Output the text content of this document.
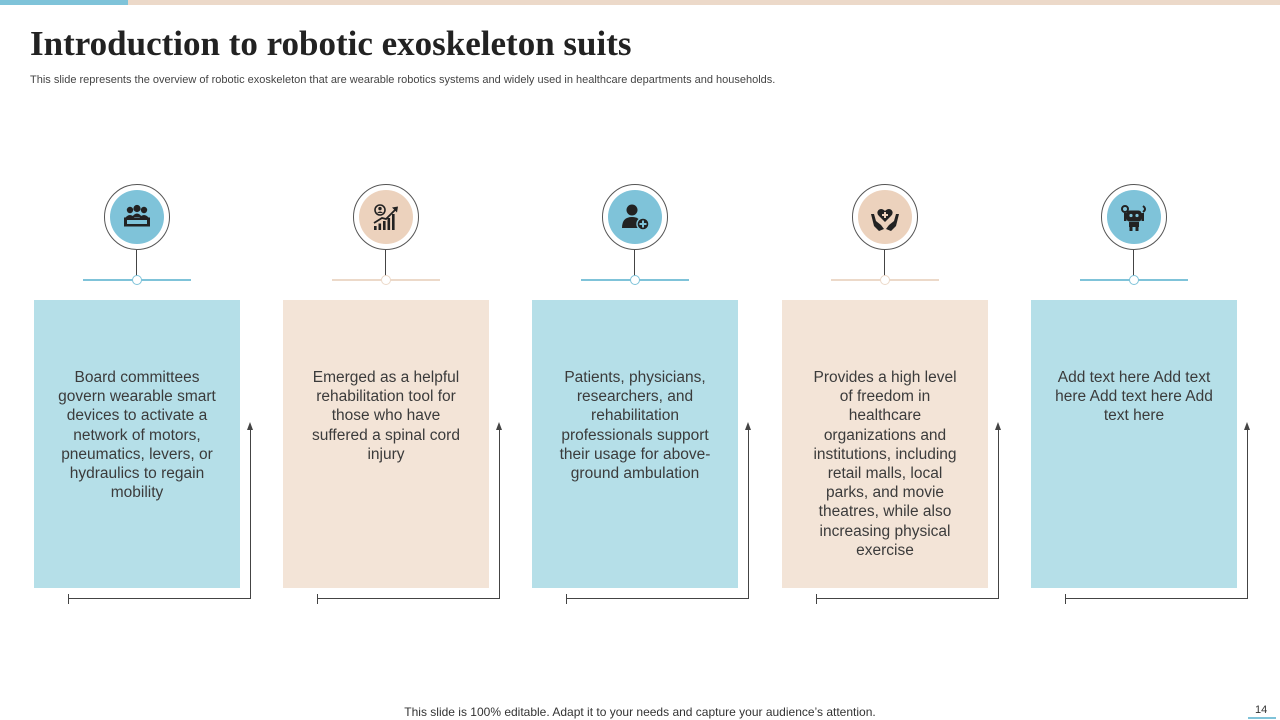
Introduction to robotic exoskeleton suits

This slide represents the overview of robotic exoskeleton that are wearable robotics systems and widely used in healthcare departments and households.

Board committees govern wearable smart devices to activate a network of motors, pneumatics, levers, or hydraulics to regain mobility
Emerged as a helpful rehabilitation tool for those who have suffered a spinal cord injury
Patients, physicians, researchers, and rehabilitation professionals support their usage for above-ground ambulation
Provides a high level of freedom in healthcare organizations and institutions, including retail malls, local parks, and movie theatres, while also increasing physical exercise
Add text here Add text here Add text here Add text here

This slide is 100% editable. Adapt it to your needs and capture your audience’s attention.	14
